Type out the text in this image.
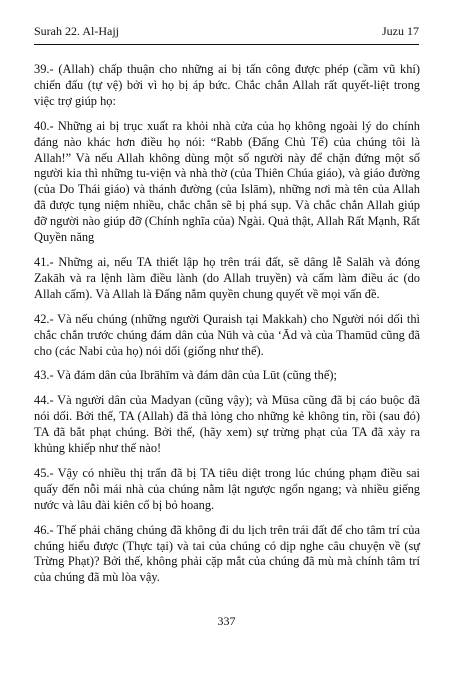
Surah 22. Al-Hajj	Juzu 17

39.- (Allah) chấp thuận cho những ai bị tấn công được phép (cầm vũ khí) chiến đấu (tự vệ) bởi vì họ bị áp bức. Chắc chắn Allah rất quyết-liệt trong việc trợ giúp họ:

40.- Những ai bị trục xuất ra khỏi nhà cửa của họ không ngoài lý do chính đáng nào khác hơn điều họ nói: “Rabb (Đấng Chủ Tể) của chúng tôi là Allah!” Và nếu Allah không dùng một số người này để chặn đứng một số người kia thì những tu-viện và nhà thờ (của Thiên Chúa giáo), và giáo đường (của Do Thái giáo) và thánh đường (của Islām), những nơi mà tên của Allah đã được tụng niệm nhiều, chắc chắn sẽ bị phá sụp. Và chắc chắn Allah giúp đỡ người nào giúp đỡ (Chính nghĩa của) Ngài. Quả thật, Allah Rất Mạnh, Rất Quyền năng

41.- Những ai, nếu TA thiết lập họ trên trái đất, sẽ dâng lễ Salāh và đóng Zakāh và ra lệnh làm điều lành (do Allah truyền) và cấm làm điều ác (do Allah cấm). Và Allah là Đấng nắm quyền chung quyết về mọi vấn đề.

42.- Và nếu chúng (những người Quraish tại Makkah) cho Người nói dối thì chắc chắn trước chúng đám dân của Nūh và của ‘Ād và của Thamūd cũng đã cho (các Nabi của họ) nói dối (giống như thế).

43.- Và đám dân của Ibrāhīm và đám dân của Lūt (cũng thế);

44.- Và người dân của Madyan (cũng vậy); và Mūsa cũng đã bị cáo buộc đã nói dối. Bởi thế, TA (Allah) đã thả lỏng cho những kẻ không tin, rồi (sau đó) TA đã bắt phạt chúng. Bởi thế, (hãy xem) sự trừng phạt của TA đã xảy ra khủng khiếp như thế nào!

45.- Vậy có nhiều thị trấn đã bị TA tiêu diệt trong lúc chúng phạm điều sai quấy đến nỗi mái nhà của chúng nằm lật ngược ngổn ngang; và nhiều giếng nước và lâu đài kiên cố bị bỏ hoang.

46.- Thế phải chăng chúng đã không đi du lịch trên trái đất để cho tâm trí của chúng hiểu được (Thực tại) và tai của chúng có dịp nghe câu chuyện về (sự Trừng Phạt)? Bởi thế, không phải cặp mắt của chúng đã mù mà chính tâm trí của chúng đã mù lòa vậy.

337
